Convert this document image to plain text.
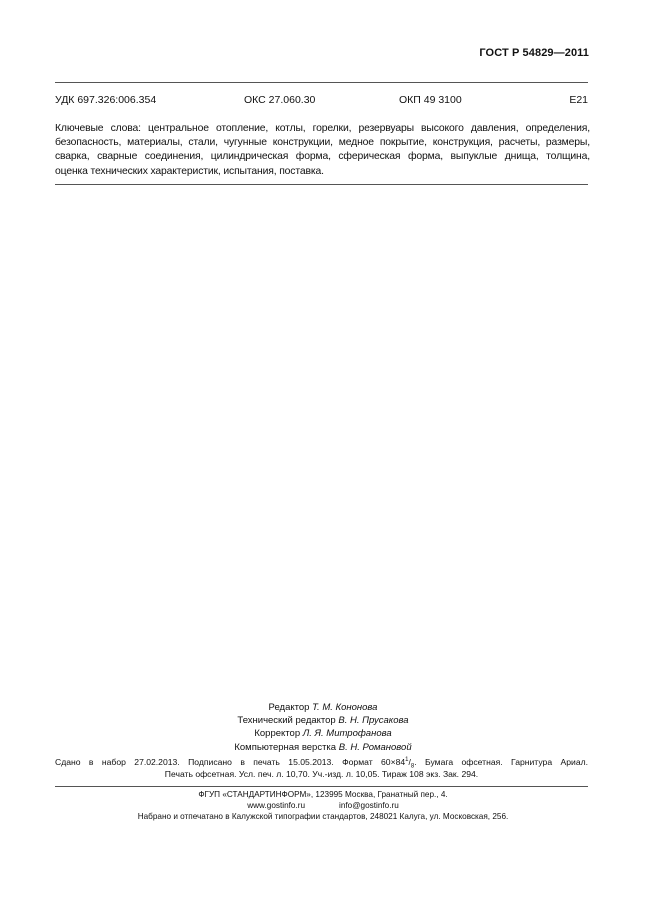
ГОСТ Р 54829—2011
УДК 697.326:006.354	ОКС 27.060.30	ОКП 49 3100	Е21
Ключевые слова: центральное отопление, котлы, горелки, резервуары высокого давления, определения,
безопасность, материалы, стали, чугунные конструкции, медное покрытие, конструкция, расчеты, размеры,
сварка, сварные соединения, цилиндрическая форма, сферическая форма, выпуклые днища, толщина,
оценка технических характеристик, испытания, поставка.
Редактор Т. М. Кононова
Технический редактор В. Н. Прусакова
Корректор Л. Я. Митрофанова
Компьютерная верстка В. Н. Романовой
Сдано в набор 27.02.2013. Подписано в печать 15.05.2013. Формат $60\times 84^1/_8$. Бумага офсетная. Гарнитура Ариал.
Печать офсетная. Усл. печ. л. 10,70. Уч.-изд. л. 10,05. Тираж 108 экз. Зак. 294.
ФГУП «СТАНДАРТИНФОРМ», 123995 Москва, Гранатный пер., 4.
www.gostinfo.ru	info@gostinfo.ru
Набрано и отпечатано в Калужской типографии стандартов, 248021 Калуга, ул. Московская, 256.
